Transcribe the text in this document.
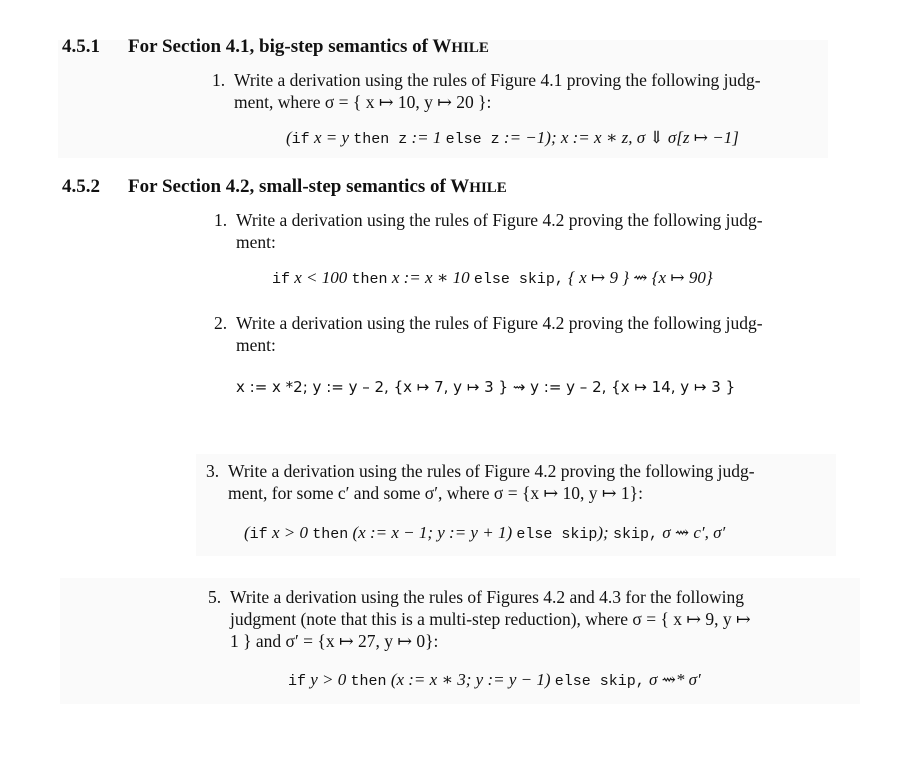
4.5.1 For Section 4.1, big-step semantics of WHILE
1. Write a derivation using the rules of Figure 4.1 proving the following judg-
ment, where σ = { x ↦ 10, y ↦ 20 }:
(if x = y then z := 1 else z := −1); x := x ∗ z, σ ⇓ σ[z ↦ −1]
4.5.2 For Section 4.2, small-step semantics of WHILE
1. Write a derivation using the rules of Figure 4.2 proving the following judg-
ment:
if x < 100 then x := x ∗ 10 else skip, { x ↦ 9 } ⇝ {x ↦ 90}
2. Write a derivation using the rules of Figure 4.2 proving the following judg-
ment:
x := x *2; y := y – 2, {x ↦ 7, y ↦ 3 } ⇝ y := y – 2, {x ↦ 14, y ↦ 3 }
3. Write a derivation using the rules of Figure 4.2 proving the following judg-
ment, for some c′ and some σ′, where σ = {x ↦ 10, y ↦ 1}:
(if x > 0 then (x := x − 1; y := y + 1) else skip); skip, σ ⇝ c′, σ′
5. Write a derivation using the rules of Figures 4.2 and 4.3 for the following
judgment (note that this is a multi-step reduction), where σ = { x ↦ 9, y ↦
1 } and σ′ = {x ↦ 27, y ↦ 0}:
if y > 0 then (x := x ∗ 3; y := y − 1) else skip, σ ⇝* σ′
